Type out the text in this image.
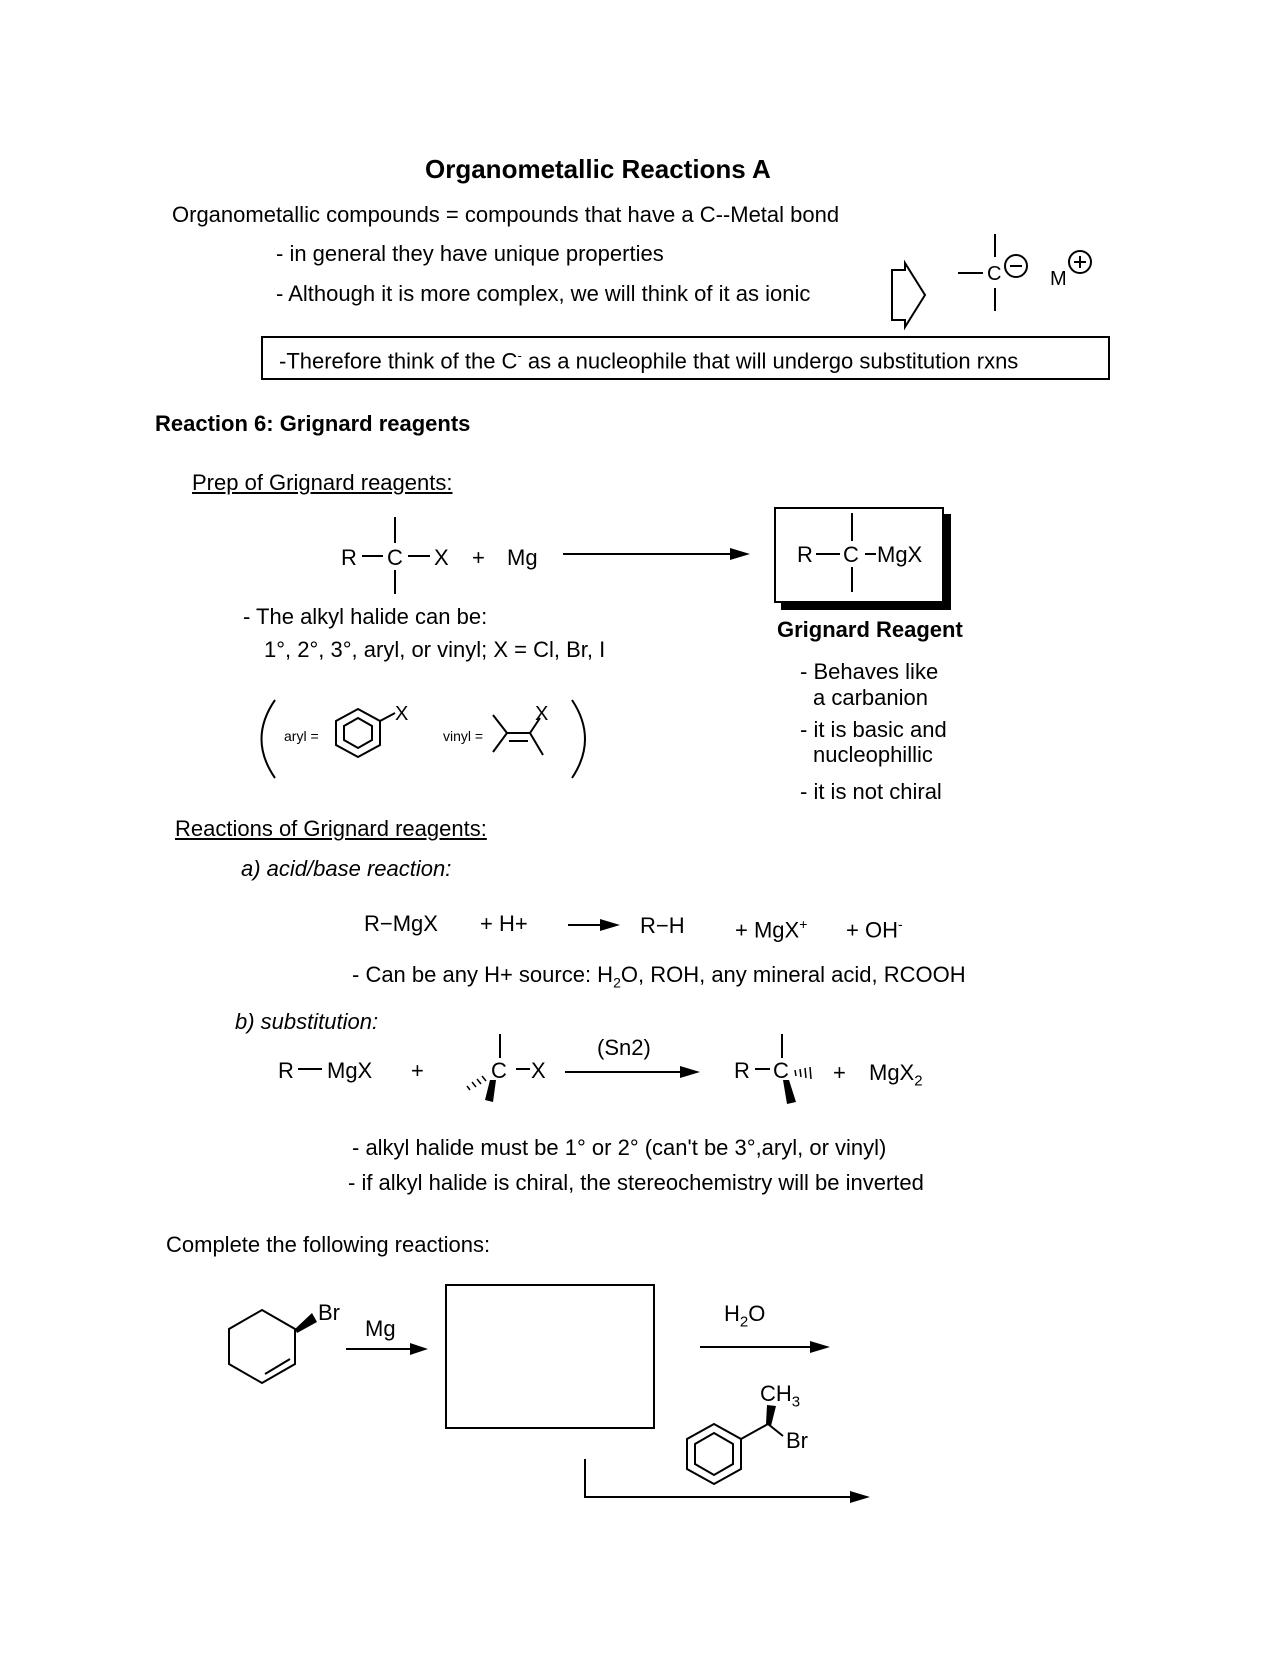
Organometallic Reactions A
Organometallic compounds = compounds that have a C--Metal bond
- in general they have unique properties
- Although it is more complex, we will think of it as ionic
C M
-Therefore think of the C- as a nucleophile that will undergo substitution rxns
Reaction 6: Grignard reagents
Prep of Grignard reagents:
R C X + Mg	R C MgX
Grignard Reagent
- The alkyl halide can be:
1°, 2°, 3°, aryl, or vinyl; X = Cl, Br, I
aryl =	vinyl =
X	X
- Behaves like
a carbanion
- it is basic and
nucleophillic
- it is not chiral
Reactions of Grignard reagents:
a) acid/base reaction:
R−MgX + H+	R−H + MgX+ + OH-
- Can be any H+ source: $H_2O$, ROH, any mineral acid, RCOOH
b) substitution:
R MgX +	C X
(Sn2)
R C + MgX$_2$
- alkyl halide must be 1° or 2° (can't be 3°,aryl, or vinyl)
- if alkyl halide is chiral, the stereochemistry will be inverted
Complete the following reactions:
Br
Mg
$H_2O$
$CH_3$
Br
